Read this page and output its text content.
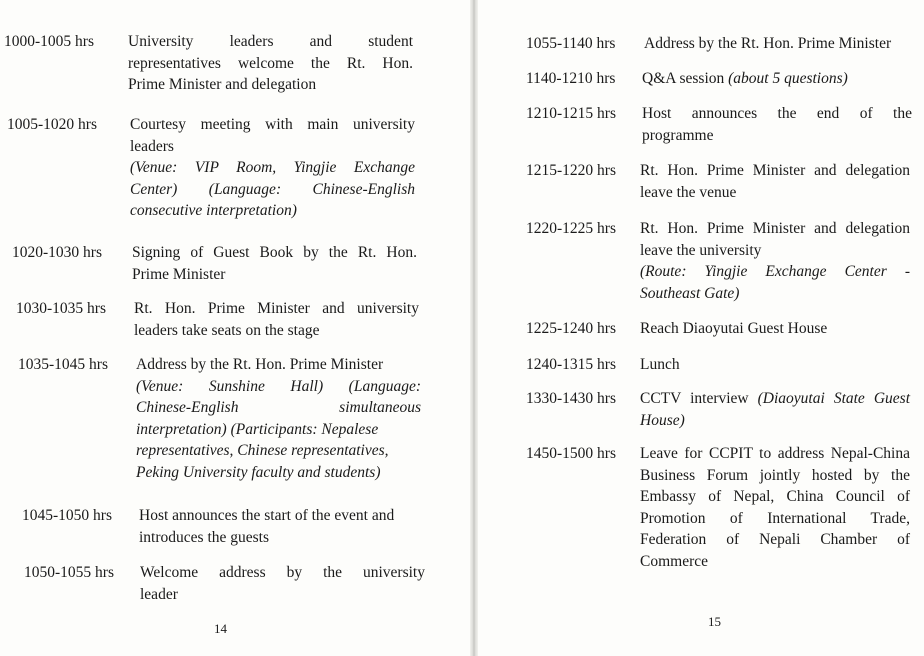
14
1000-1005 hrs University leaders and student
representatives welcome the Rt. Hon.
Prime Minister and delegation
1005-1020 hrs Courtesy meeting with main university
leaders
(Venue: VIP Room, Yingjie Exchange
Center) (Language: Chinese-English
consecutive interpretation)
1020-1030 hrs Signing of Guest Book by the Rt. Hon.
Prime Minister
1030-1035 hrs Rt. Hon. Prime Minister and university
leaders take seats on the stage
1035-1045 hrs Address by the Rt. Hon. Prime Minister
(Venue: Sunshine Hall) (Language:
Chinese-English simultaneous
interpretation) (Participants: Nepalese
representatives, Chinese representatives,
Peking University faculty and students)
1045-1050 hrs Host announces the start of the event and
introduces the guests
1050-1055 hrs Welcome address by the university
leader
15
1055-1140 hrs Address by the Rt. Hon. Prime Minister
1140-1210 hrs Q&A session (about 5 questions)
1210-1215 hrs Host announces the end of the
programme
1215-1220 hrs Rt. Hon. Prime Minister and delegation
leave the venue
1220-1225 hrs Rt. Hon. Prime Minister and delegation
leave the university
(Route: Yingjie Exchange Center -
Southeast Gate)
1225-1240 hrs Reach Diaoyutai Guest House
1240-1315 hrs Lunch
1330-1430 hrs CCTV interview (Diaoyutai State Guest
House)
1450-1500 hrs Leave for CCPIT to address Nepal-China
Business Forum jointly hosted by the
Embassy of Nepal, China Council of
Promotion of International Trade,
Federation of Nepali Chamber of
Commerce
